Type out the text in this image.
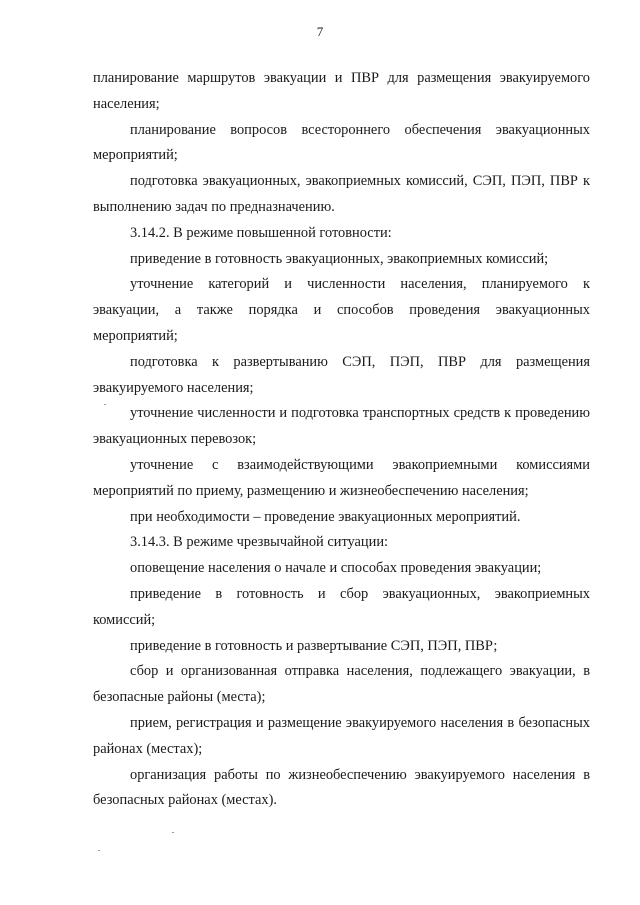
7

планирование маршрутов эвакуации и ПВР для размещения эвакуируемого населения;

планирование вопросов всестороннего обеспечения эвакуационных мероприятий;

подготовка эвакуационных, эвакоприемных комиссий, СЭП, ПЭП, ПВР к выполнению задач по предназначению.

3.14.2. В режиме повышенной готовности:

приведение в готовность эвакуационных, эвакоприемных комиссий;

уточнение категорий и численности населения, планируемого к эвакуации, а также порядка и способов проведения эвакуационных мероприятий;

подготовка к развертыванию СЭП, ПЭП, ПВР для размещения эвакуируемого населения;

уточнение численности и подготовка транспортных средств к проведению эвакуационных перевозок;

уточнение с взаимодействующими эвакоприемными комиссиями мероприятий по приему, размещению и жизнеобеспечению населения;

при необходимости – проведение эвакуационных мероприятий.

3.14.3. В режиме чрезвычайной ситуации:

оповещение населения о начале и способах проведения эвакуации;

приведение в готовность и сбор эвакуационных, эвакоприемных комиссий;

приведение в готовность и развертывание СЭП, ПЭП, ПВР;

сбор и организованная отправка населения, подлежащего эвакуации, в безопасные районы (места);

прием, регистрация и размещение эвакуируемого населения в безопасных районах (местах);

организация работы по жизнеобеспечению эвакуируемого населения в безопасных районах (местах).
